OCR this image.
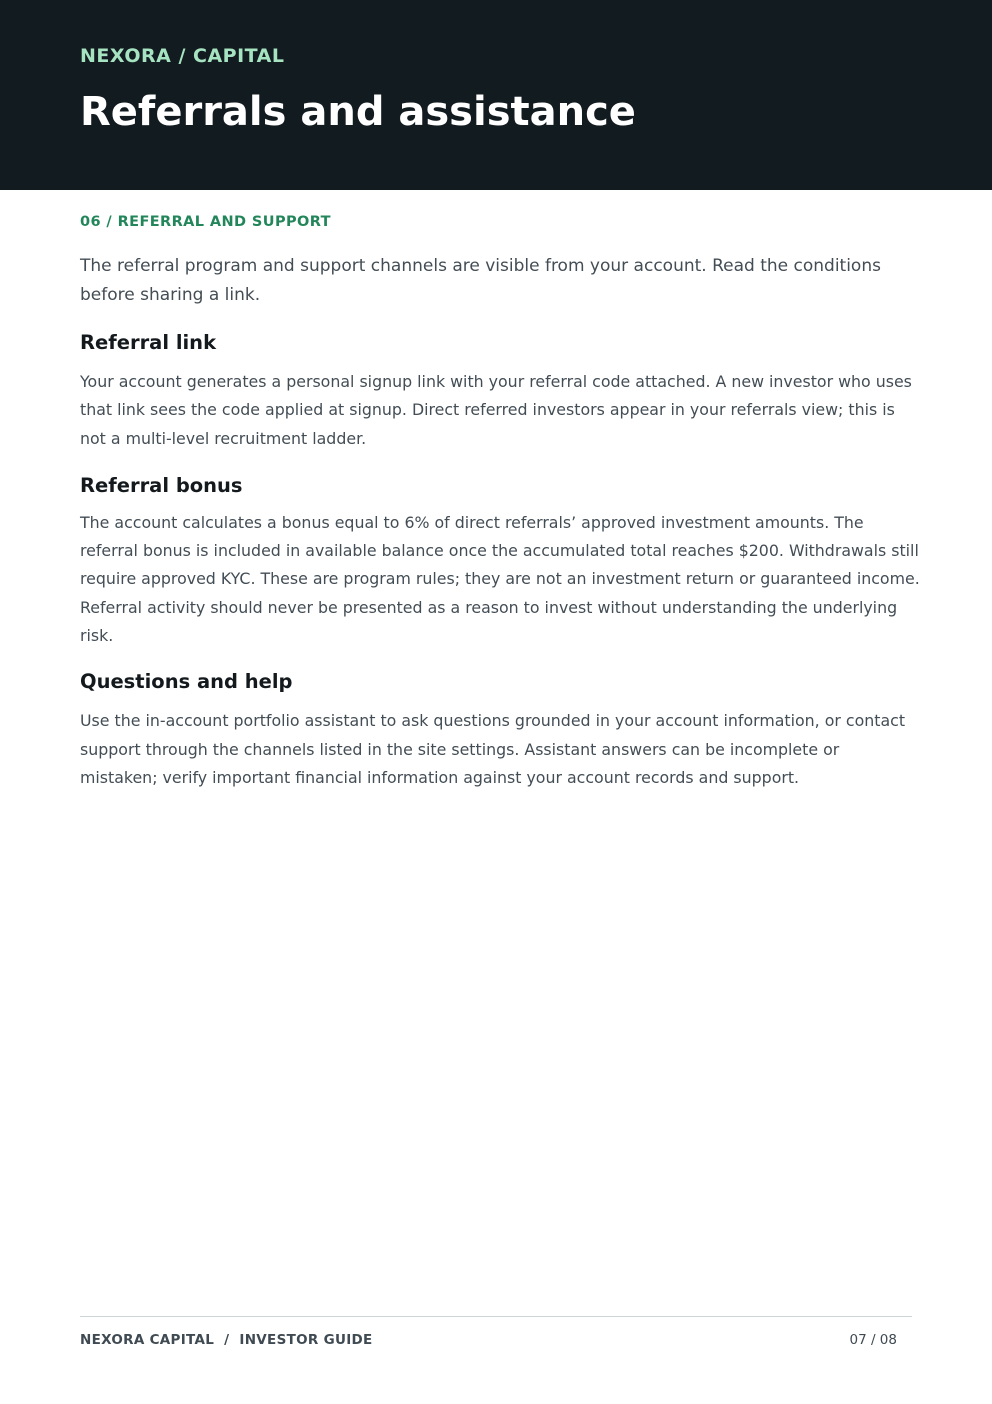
NEXORA / CAPITAL
Referrals and assistance
06 / REFERRAL AND SUPPORT

The referral program and support channels are visible from your account. Read the conditions before sharing a link.

Referral link

Your account generates a personal signup link with your referral code attached. A new investor who uses that link sees the code applied at signup. Direct referred investors appear in your referrals view; this is not a multi-level recruitment ladder.

Referral bonus

The account calculates a bonus equal to 6% of direct referrals’ approved investment amounts. The referral bonus is included in available balance once the accumulated total reaches $200. Withdrawals still require approved KYC. These are program rules; they are not an investment return or guaranteed income. Referral activity should never be presented as a reason to invest without understanding the underlying risk.

Questions and help

Use the in-account portfolio assistant to ask questions grounded in your account information, or contact support through the channels listed in the site settings. Assistant answers can be incomplete or mistaken; verify important financial information against your account records and support.

NEXORA CAPITAL  /  INVESTOR GUIDE	07 / 08
